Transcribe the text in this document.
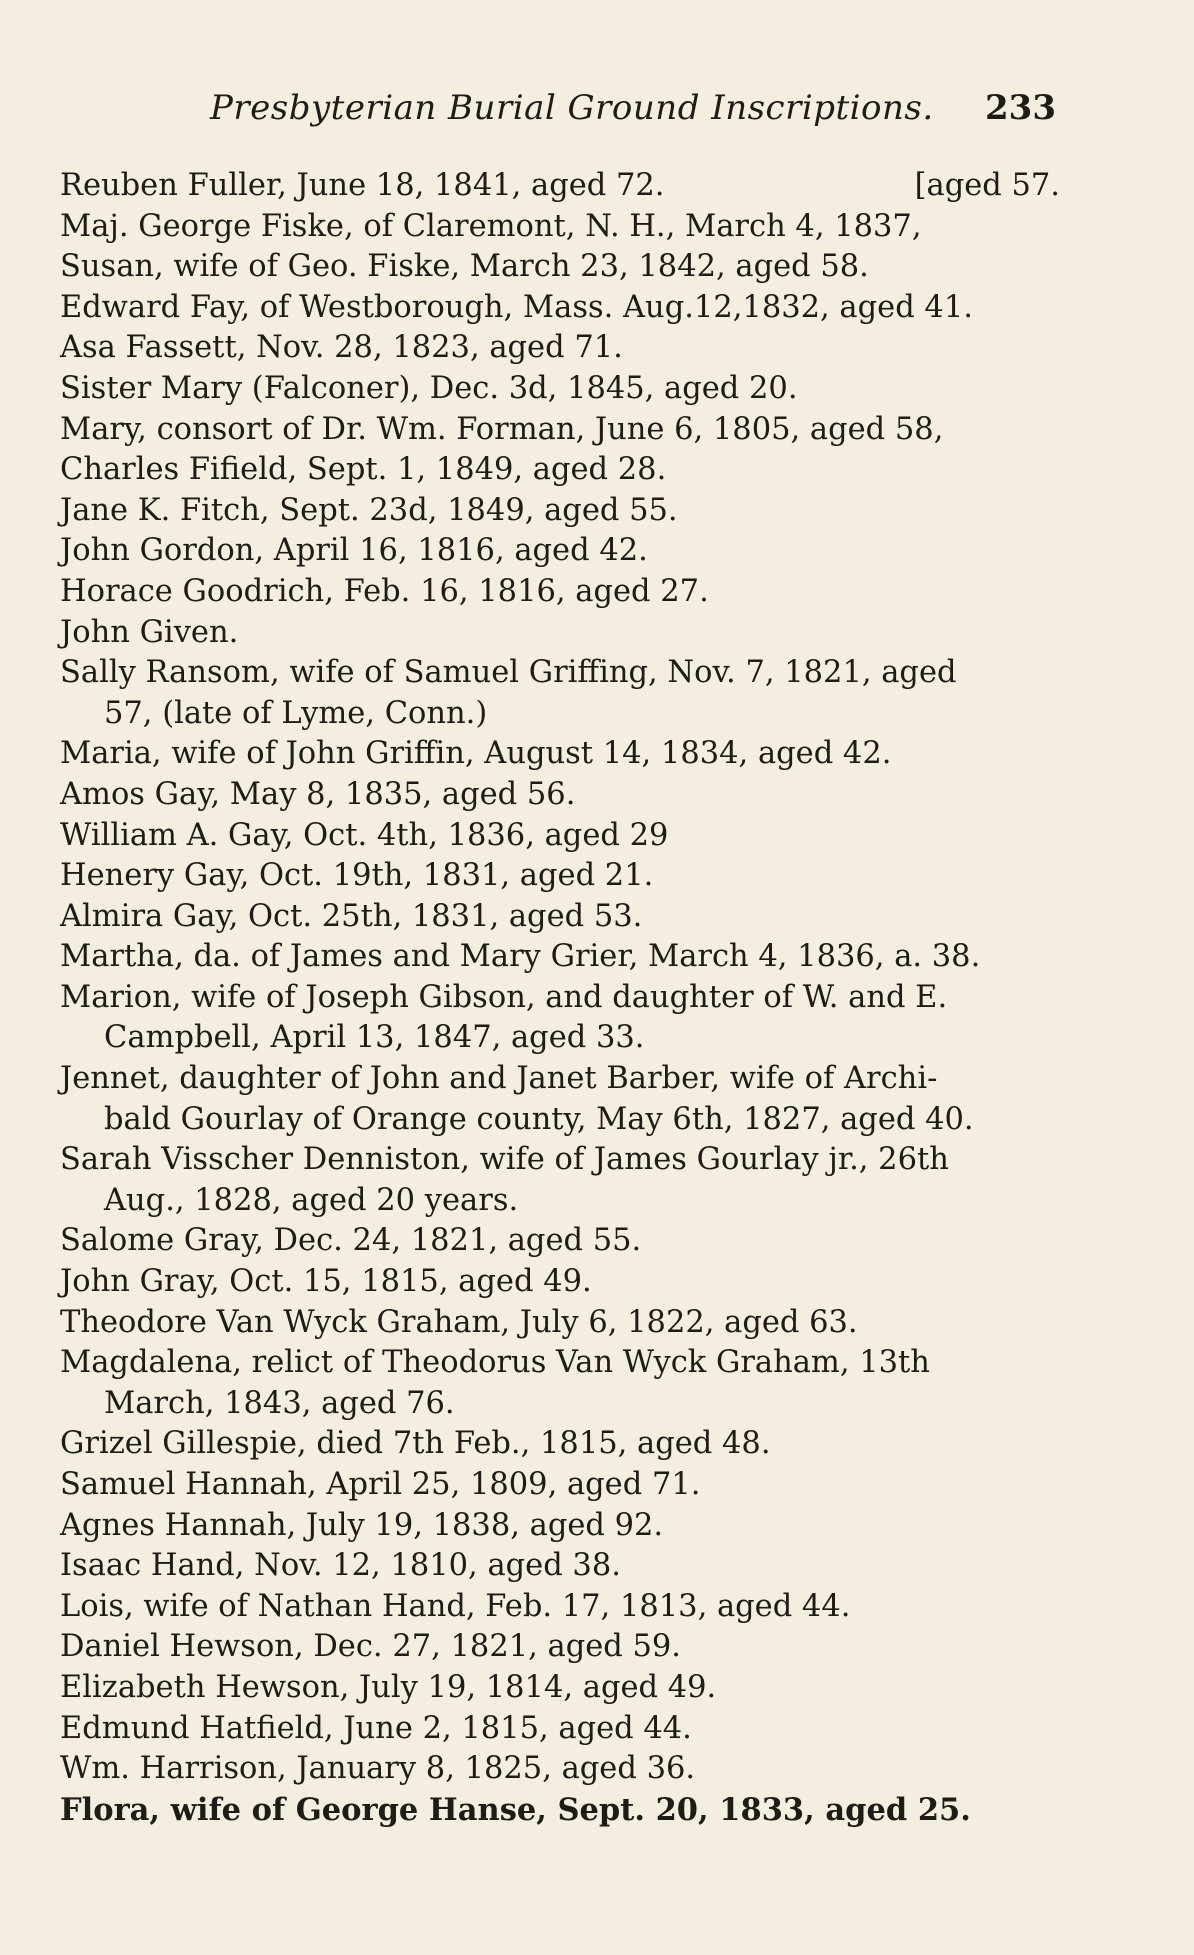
Presbyterian Burial Ground Inscriptions. 233
Reuben Fuller, June 18, 1841, aged 72.	[aged 57.
Maj. George Fiske, of Claremont, N. H., March 4, 1837,
Susan, wife of Geo. Fiske, March 23, 1842, aged 58.
Edward Fay, of Westborough, Mass. Aug.12,1832, aged 41.
Asa Fassett, Nov. 28, 1823, aged 71.
Sister Mary (Falconer), Dec. 3d, 1845, aged 20.
Mary, consort of Dr. Wm. Forman, June 6, 1805, aged 58,
Charles Fifield, Sept. 1, 1849, aged 28.
Jane K. Fitch, Sept. 23d, 1849, aged 55.
John Gordon, April 16, 1816, aged 42.
Horace Goodrich, Feb. 16, 1816, aged 27.
John Given.
Sally Ransom, wife of Samuel Griffing, Nov. 7, 1821, aged
57, (late of Lyme, Conn.)
Maria, wife of John Griffin, August 14, 1834, aged 42.
Amos Gay, May 8, 1835, aged 56.
William A. Gay, Oct. 4th, 1836, aged 29
Henery Gay, Oct. 19th, 1831, aged 21.
Almira Gay, Oct. 25th, 1831, aged 53.
Martha, da. of James and Mary Grier, March 4, 1836, a. 38.
Marion, wife of Joseph Gibson, and daughter of W. and E.
Campbell, April 13, 1847, aged 33.
Jennet, daughter of John and Janet Barber, wife of Archi-
bald Gourlay of Orange county, May 6th, 1827, aged 40.
Sarah Visscher Denniston, wife of James Gourlay jr., 26th
Aug., 1828, aged 20 years.
Salome Gray, Dec. 24, 1821, aged 55.
John Gray, Oct. 15, 1815, aged 49.
Theodore Van Wyck Graham, July 6, 1822, aged 63.
Magdalena, relict of Theodorus Van Wyck Graham, 13th
March, 1843, aged 76.
Grizel Gillespie, died 7th Feb., 1815, aged 48.
Samuel Hannah, April 25, 1809, aged 71.
Agnes Hannah, July 19, 1838, aged 92.
Isaac Hand, Nov. 12, 1810, aged 38.
Lois, wife of Nathan Hand, Feb. 17, 1813, aged 44.
Daniel Hewson, Dec. 27, 1821, aged 59.
Elizabeth Hewson, July 19, 1814, aged 49.
Edmund Hatfield, June 2, 1815, aged 44.
Wm. Harrison, January 8, 1825, aged 36.
Flora, wife of George Hanse, Sept. 20, 1833, aged 25.
